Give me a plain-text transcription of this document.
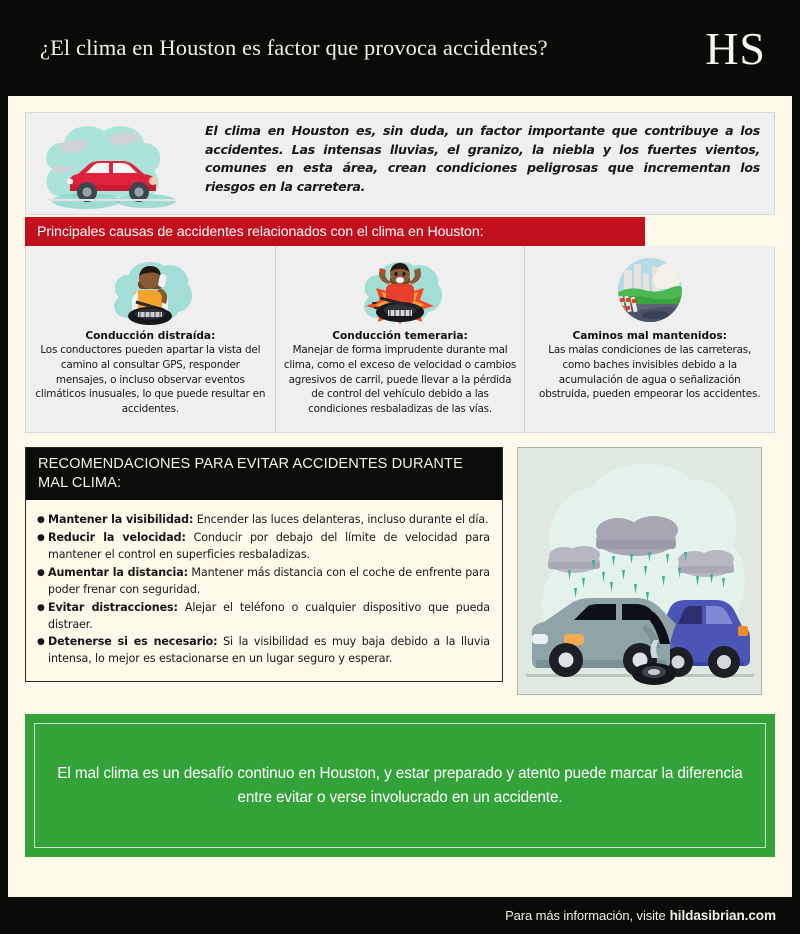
¿El clima en Houston es factor que provoca accidentes?	HS
El clima en Houston es, sin duda, un factor importante que contribuye a los accidentes. Las intensas lluvias, el granizo, la niebla y los fuertes vientos, comunes en esta área, crean condiciones peligrosas que incrementan los riesgos en la carretera.
Principales causas de accidentes relacionados con el clima en Houston:
Conducción distraída:
Los conductores pueden apartar la vista del camino al consultar GPS, responder mensajes, o incluso observar eventos climáticos inusuales, lo que puede resultar en accidentes.
Conducción temeraria:
Manejar de forma imprudente durante mal clima, como el exceso de velocidad o cambios agresivos de carril, puede llevar a la pérdida de control del vehículo debido a las condiciones resbaladizas de las vías.
Caminos mal mantenidos:
Las malas condiciones de las carreteras, como baches invisibles debido a la acumulación de agua o señalización obstruida, pueden empeorar los accidentes.
RECOMENDACIONES PARA EVITAR ACCIDENTES DURANTE MAL CLIMA:
● Mantener la visibilidad: Encender las luces delanteras, incluso durante el día.
● Reducir la velocidad: Conducir por debajo del límite de velocidad para mantener el control en superficies resbaladizas.
● Aumentar la distancia: Mantener más distancia con el coche de enfrente para poder frenar con seguridad.
● Evitar distracciones: Alejar el teléfono o cualquier dispositivo que pueda distraer.
● Detenerse si es necesario: Si la visibilidad es muy baja debido a la lluvia intensa, lo mejor es estacionarse en un lugar seguro y esperar.
El mal clima es un desafío continuo en Houston, y estar preparado y atento puede marcar la diferencia entre evitar o verse involucrado en un accidente.
Para más información, visite hildasibrian.com
